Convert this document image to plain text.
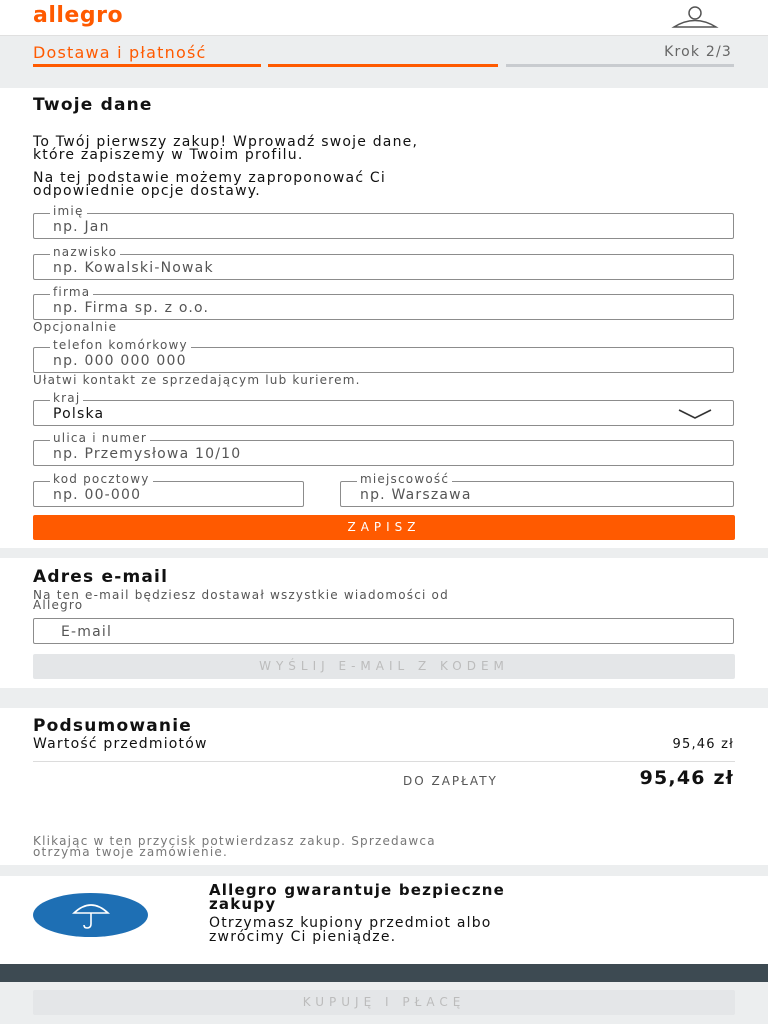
allegro
Dostawa i płatność	Krok 2/3
Twoje dane
To Twój pierwszy zakup! Wprowadź swoje dane,
które zapiszemy w Twoim profilu.
Na tej podstawie możemy zaproponować Ci
odpowiednie opcje dostawy.
imię
np. Jan
nazwisko
np. Kowalski-Nowak
firma
np. Firma sp. z o.o.
Opcjonalnie
telefon komórkowy
np. 000 000 000
Ułatwi kontakt ze sprzedającym lub kurierem.
kraj
Polska
ulica i numer
np. Przemysłowa 10/10
kod pocztowy
np. 00-000
miejscowość
np. Warszawa
ZAPISZ
Adres e-mail
Na ten e-mail będziesz dostawał wszystkie wiadomości od
Allegro
E-mail
WYŚLIJ E-MAIL Z KODEM
Podsumowanie
Wartość przedmiotów	95,46 zł
DO ZAPŁATY	95,46 zł
Klikając w ten przycisk potwierdzasz zakup. Sprzedawca
otrzyma twoje zamówienie.
Allegro gwarantuje bezpieczne
zakupy
Otrzymasz kupiony przedmiot albo
zwrócimy Ci pieniądze.
KUPUJĘ I PŁACĘ
